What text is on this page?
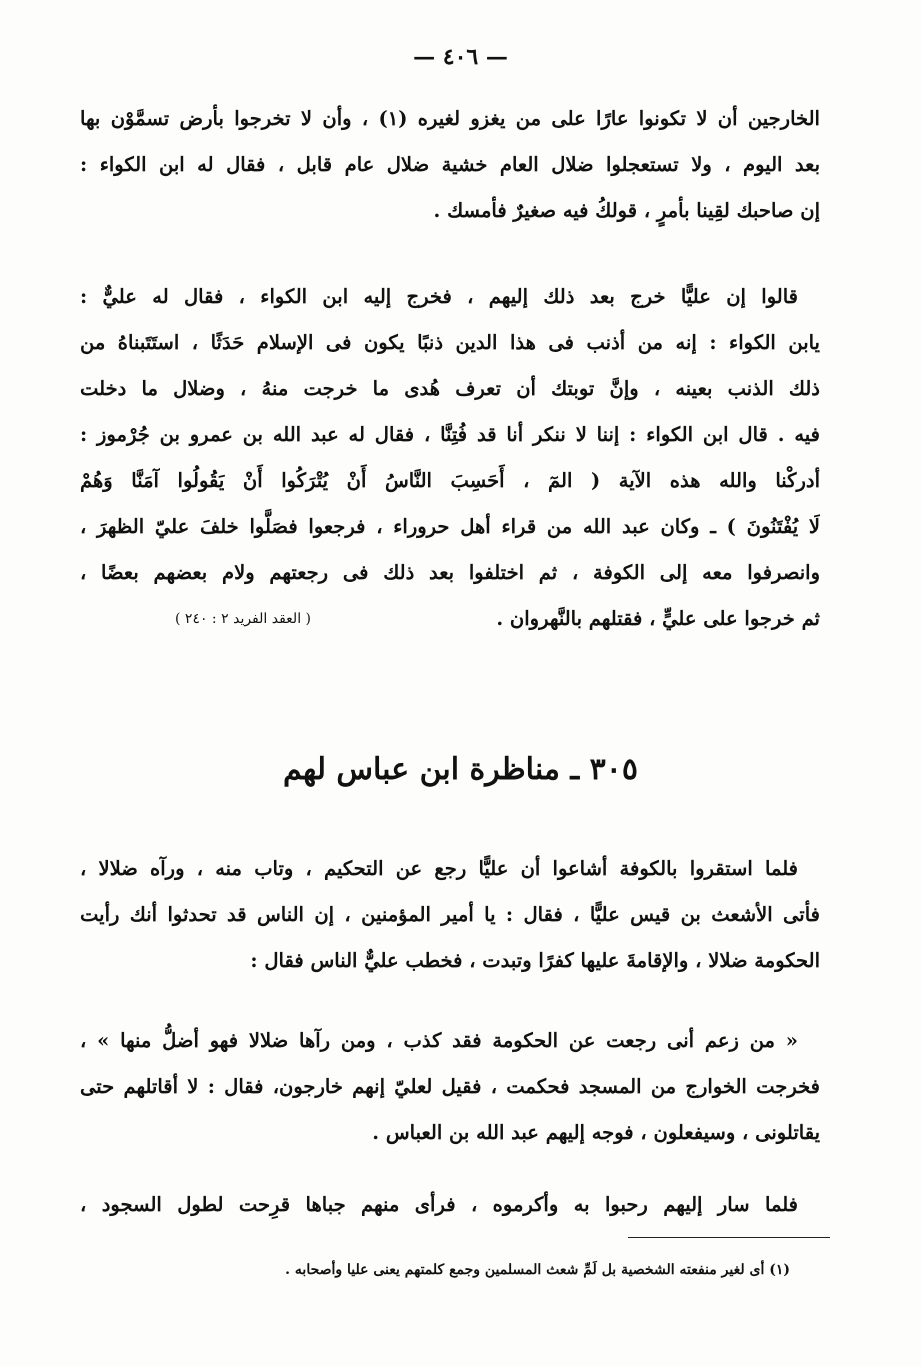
— ٤٠٦ —
الخارجين أن لا تكونوا عارًا على من يغزو لغيره (١) ، وأن لا تخرجوا بأرض تسمَّوْن بها
بعد اليوم ، ولا تستعجلوا ضلال العام خشية ضلال عام قابل ، فقال له ابن الكواء :
إن صاحبك لقِينا بأمرٍ ، قولكُ فيه صغيرٌ فأمسك .
قالوا إن عليًّا خرج بعد ذلك إليهم ، فخرج إليه ابن الكواء ، فقال له عليٌّ :
يابن الكواء : إنه من أذنب فى هذا الدين ذنبًا يكون فى الإسلام حَدَثًا ، استَتَبناهُ من
ذلك الذنب بعينه ، وإنَّ توبتك أن تعرف هُدى ما خرجت منهُ ، وضلال ما دخلت
فيه . قال ابن الكواء : إننا لا ننكر أنا قد فُتِنَّا ، فقال له عبد الله بن عمرو بن جُرْموز :
أدركْنا والله هذه الآية ( المٓ ، أَحَسِبَ النَّاسُ أَنْ يُتْرَكُوا أَنْ يَقُولُوا آمَنَّا وَهُمْ
لَا يُفْتَنُونَ ) ـ وكان عبد الله من قراء أهل حروراء ، فرجعوا فصَلَّوا خلفَ عليّ الظهرَ ،
وانصرفوا معه إلى الكوفة ، ثم اختلفوا بعد ذلك فى رجعتهم ولام بعضهم بعضًا ،
ثم خرجوا على عليٍّ ، فقتلهم بالنَّهروان .
( العقد الفريد ٢ : ٢٤٠ )
٣٠٥ ـ مناظرة ابن عباس لهم
فلما استقروا بالكوفة أشاعوا أن عليًّا رجع عن التحكيم ، وتاب منه ، ورآه ضلالا ،
فأتى الأشعث بن قيس عليًّا ، فقال : يا أمير المؤمنين ، إن الناس قد تحدثوا أنك رأيت
الحكومة ضلالا ، والإقامةَ عليها كفرًا وتبدت ، فخطب عليٌّ الناس فقال :
« من زعم أنى رجعت عن الحكومة فقد كذب ، ومن رآها ضلالا فهو أضلُّ منها » ،
فخرجت الخوارج من المسجد فحكمت ، فقيل لعليّ إنهم خارجون، فقال : لا أقاتلهم حتى
يقاتلونى ، وسيفعلون ، فوجه إليهم عبد الله بن العباس .
فلما سار إليهم رحبوا به وأكرموه ، فرأى منهم جباها قرِحت لطول السجود ،
(١) أى لغير منفعته الشخصية بل لَمِّ شعث المسلمين وجمع كلمتهم يعنى عليا وأصحابه .
